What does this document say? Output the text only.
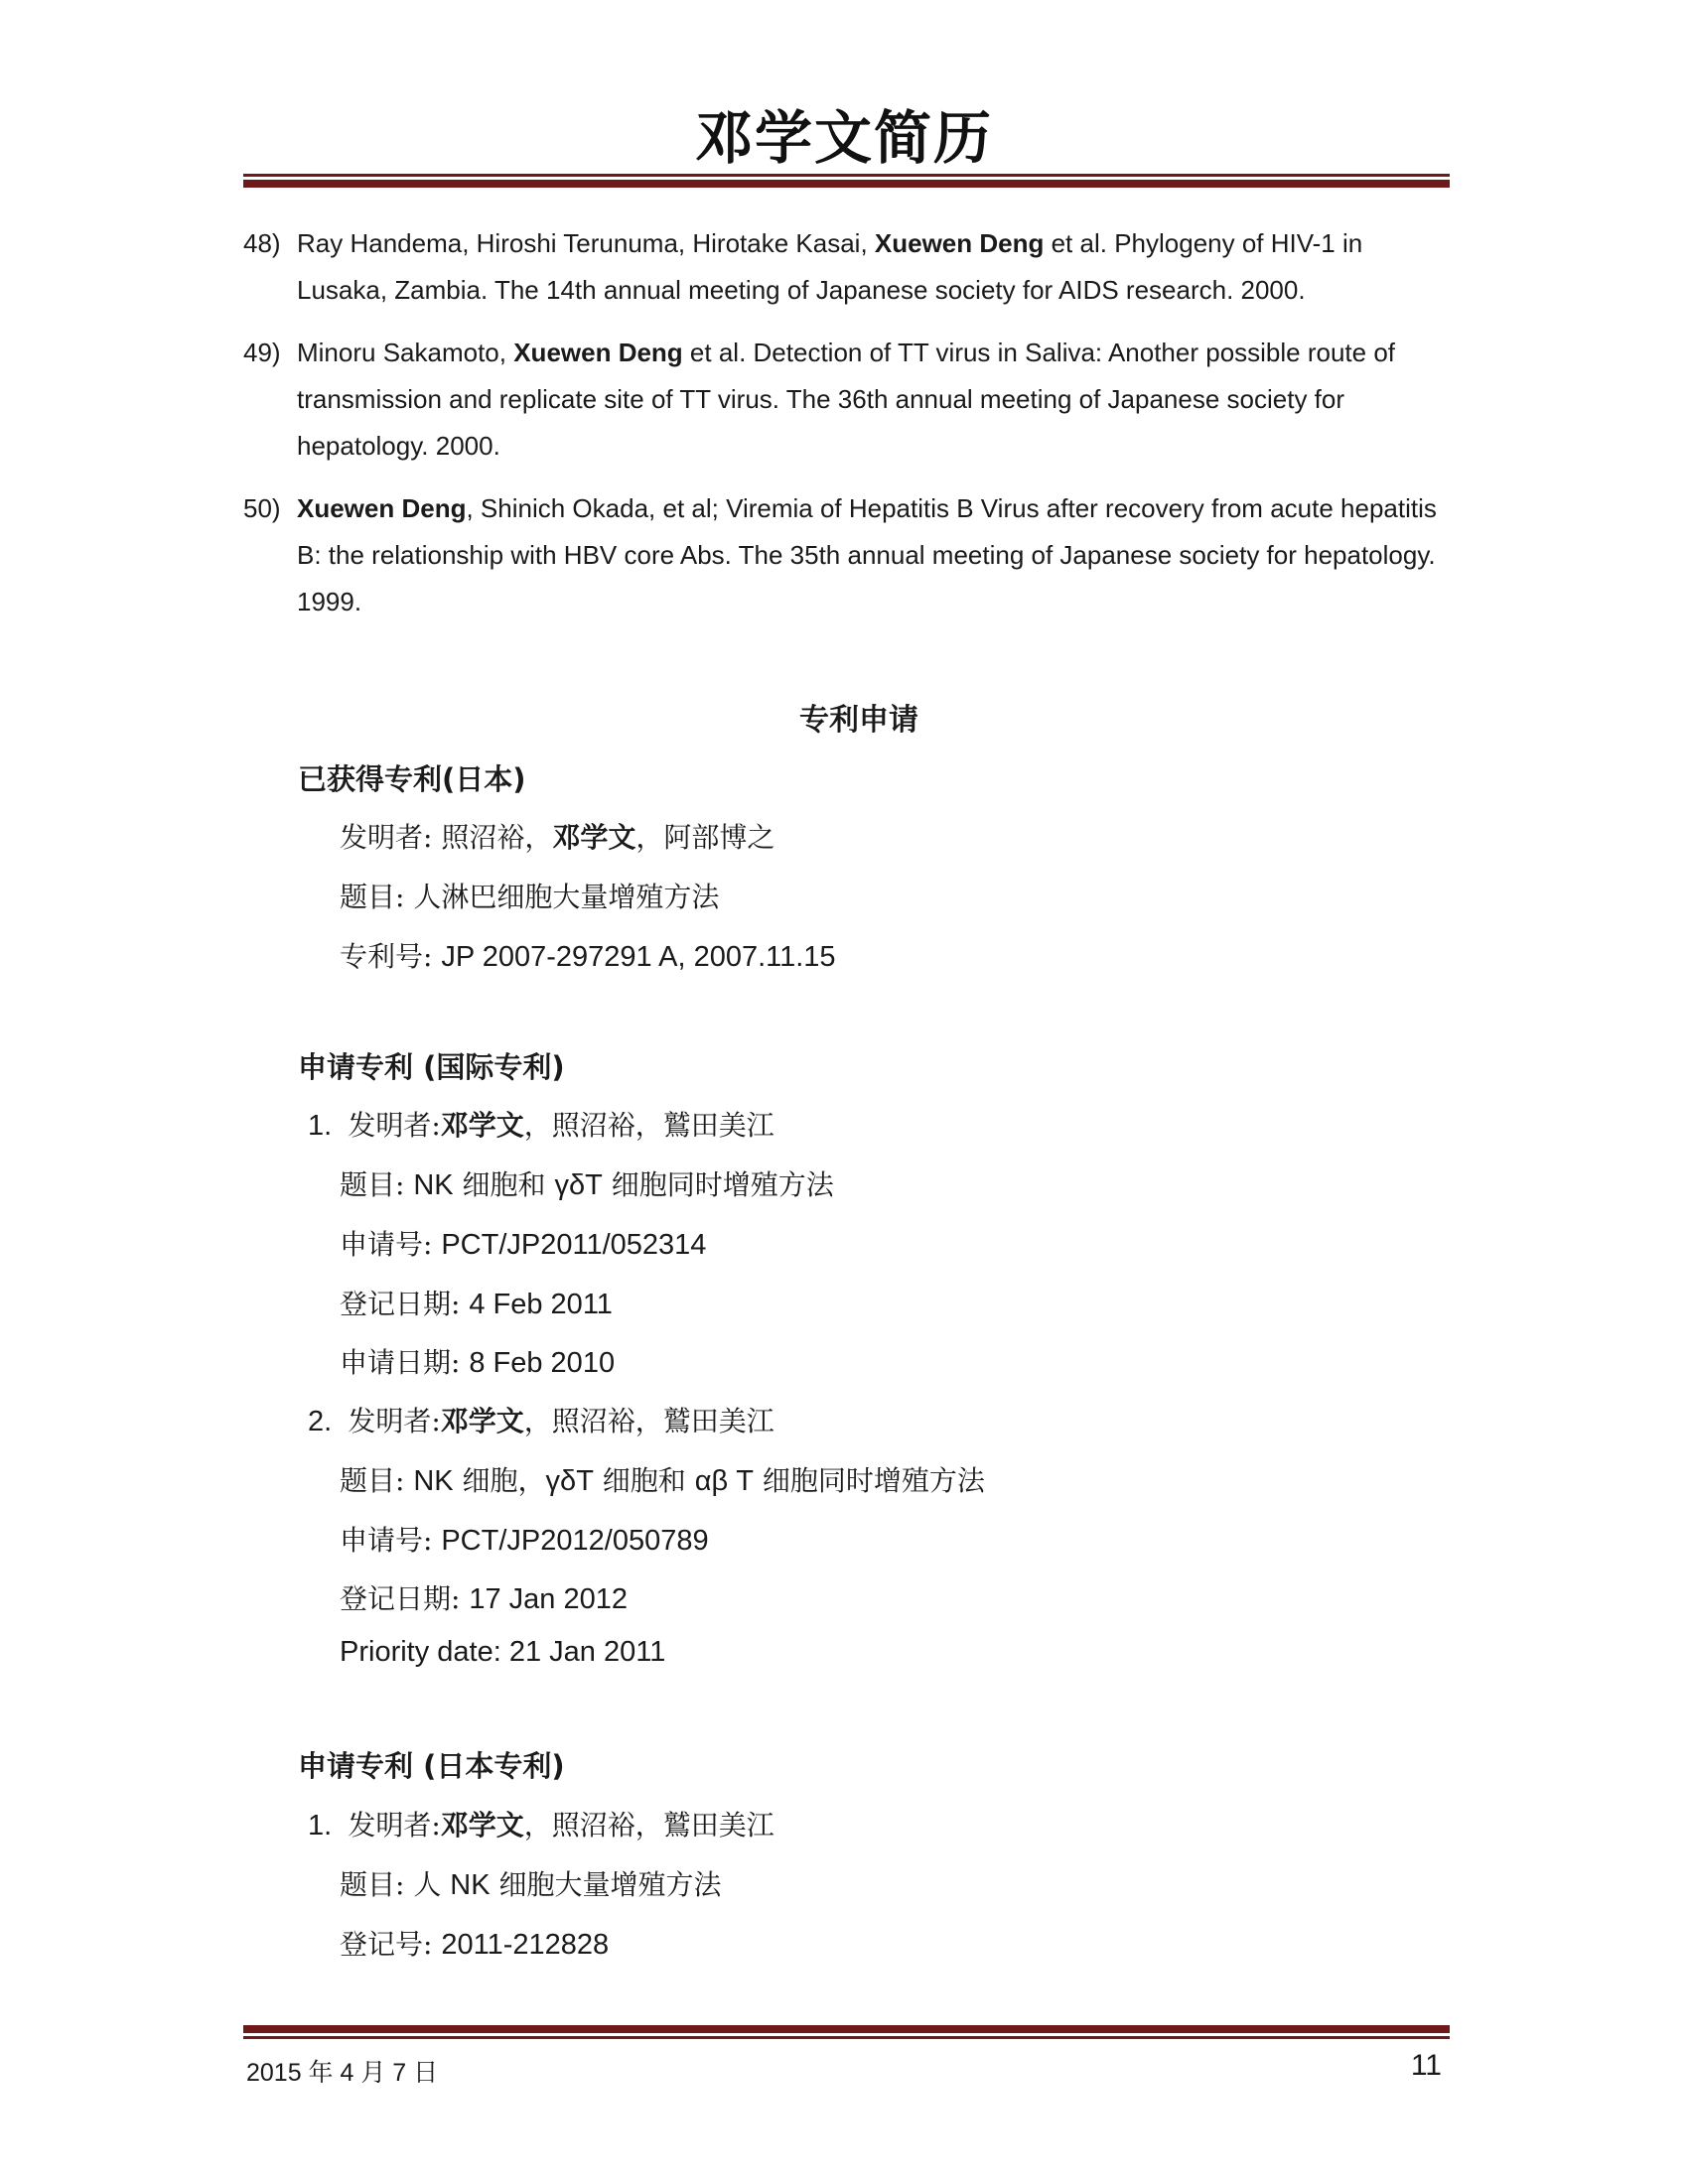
邓学文简历
48) Ray Handema, Hiroshi Terunuma, Hirotake Kasai, Xuewen Deng et al. Phylogeny of HIV-1 in Lusaka, Zambia. The 14th annual meeting of Japanese society for AIDS research. 2000.
49) Minoru Sakamoto, Xuewen Deng et al. Detection of TT virus in Saliva: Another possible route of transmission and replicate site of TT virus. The 36th annual meeting of Japanese society for hepatology. 2000.
50) Xuewen Deng, Shinich Okada, et al; Viremia of Hepatitis B Virus after recovery from acute hepatitis B: the relationship with HBV core Abs. The 35th annual meeting of Japanese society for hepatology. 1999.
专利申请
已获得专利(日本)
发明者: 照沼裕，邓学文，阿部博之
题目: 人淋巴细胞大量增殖方法
专利号: JP 2007-297291 A, 2007.11.15
申请专利 (国际专利)
1. 发明者:邓学文，照沼裕，鷲田美江
题目: NK 细胞和 γδT 细胞同时增殖方法
申请号: PCT/JP2011/052314
登记日期: 4 Feb 2011
申请日期: 8 Feb 2010
2. 发明者:邓学文，照沼裕，鷲田美江
题目: NK 细胞，γδT 细胞和 αβ T 细胞同时增殖方法
申请号: PCT/JP2012/050789
登记日期: 17 Jan 2012
Priority date: 21 Jan 2011
申请专利 (日本专利)
1. 发明者:邓学文，照沼裕，鷲田美江
题目: 人 NK 细胞大量增殖方法
登记号: 2011-212828
2015 年 4 月 7 日	11
